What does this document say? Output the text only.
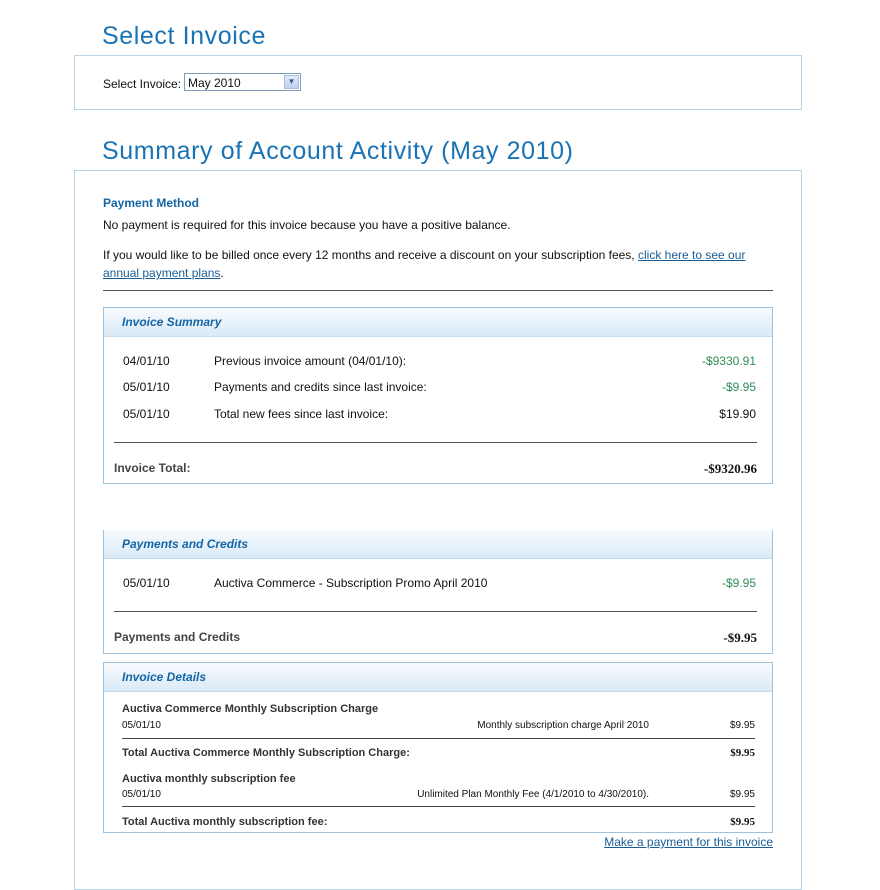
Select Invoice
Select Invoice: May 2010	▼
Summary of Account Activity (May 2010)
Payment Method
No payment is required for this invoice because you have a positive balance.
If you would like to be billed once every 12 months and receive a discount on your subscription fees, click here to see our
annual payment plans.
Invoice Summary
04/01/10	Previous invoice amount (04/01/10):	-$9330.91
05/01/10	Payments and credits since last invoice:	-$9.95
05/01/10	Total new fees since last invoice:	$19.90
Invoice Total:	-$9320.96
Payments and Credits
05/01/10	Auctiva Commerce - Subscription Promo April 2010	-$9.95
Payments and Credits	-$9.95
Invoice Details
Auctiva Commerce Monthly Subscription Charge
05/01/10	Monthly subscription charge April 2010	$9.95
Total Auctiva Commerce Monthly Subscription Charge:	$9.95
Auctiva monthly subscription fee
05/01/10	Unlimited Plan Monthly Fee (4/1/2010 to 4/30/2010).	$9.95
Total Auctiva monthly subscription fee:	$9.95
Make a payment for this invoice
